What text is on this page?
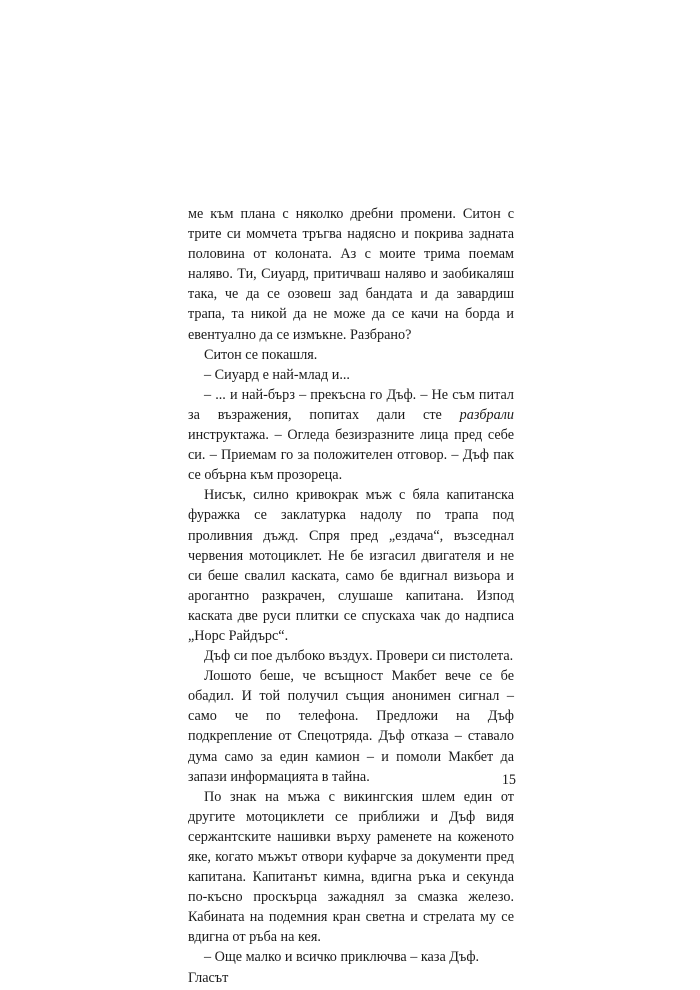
ме към плана с няколко дребни промени. Ситон с трите си момчета тръгва надясно и покрива задната половина от колоната. Аз с моите трима поемам наляво. Ти, Сиуард, притичваш наляво и заобикаляш така, че да се озовеш зад бандата и да завардиш трапа, та никой да не може да се качи на борда и евентуално да се измъкне. Разбрано?

Ситон се покашля.

– Сиуард е най-млад и...

– ... и най-бърз – прекъсна го Дъф. – Не съм питал за възражения, попитах дали сте разбрали инструктажа. – Огледа безизразните лица пред себе си. – Приемам го за положителен отговор. – Дъф пак се обърна към прозореца.

Нисък, силно кривокрак мъж с бяла капитанска фуражка се заклатурка надолу по трапа под проливния дъжд. Спря пред „ездача“, възседнал червения мотоциклет. Не бе изгасил двигателя и не си беше свалил каската, само бе вдигнал визьора и арогантно разкрачен, слушаше капитана. Изпод каската две руси плитки се спускаха чак до надписа „Норс Райдърс“.

Дъф си пое дълбоко въздух. Провери си пистолета.

Лошото беше, че всъщност Макбет вече се бе обадил. И той получил същия анонимен сигнал – само че по телефона. Предложи на Дъф подкрепление от Спецотряда. Дъф отказа – ставало дума само за един камион – и помоли Макбет да запази информацията в тайна.

По знак на мъжа с викингския шлем един от другите мотоциклети се приближи и Дъф видя сержантските нашивки върху раменете на коженото яке, когато мъжът отвори куфарче за документи пред капитана. Капитанът кимна, вдигна ръка и секунда по-късно проскърца зажаднял за смазка железо. Кабината на подемния кран светна и стрелата му се вдигна от ръба на кея.

– Още малко и всичко приключва – каза Дъф. Гласът

15
